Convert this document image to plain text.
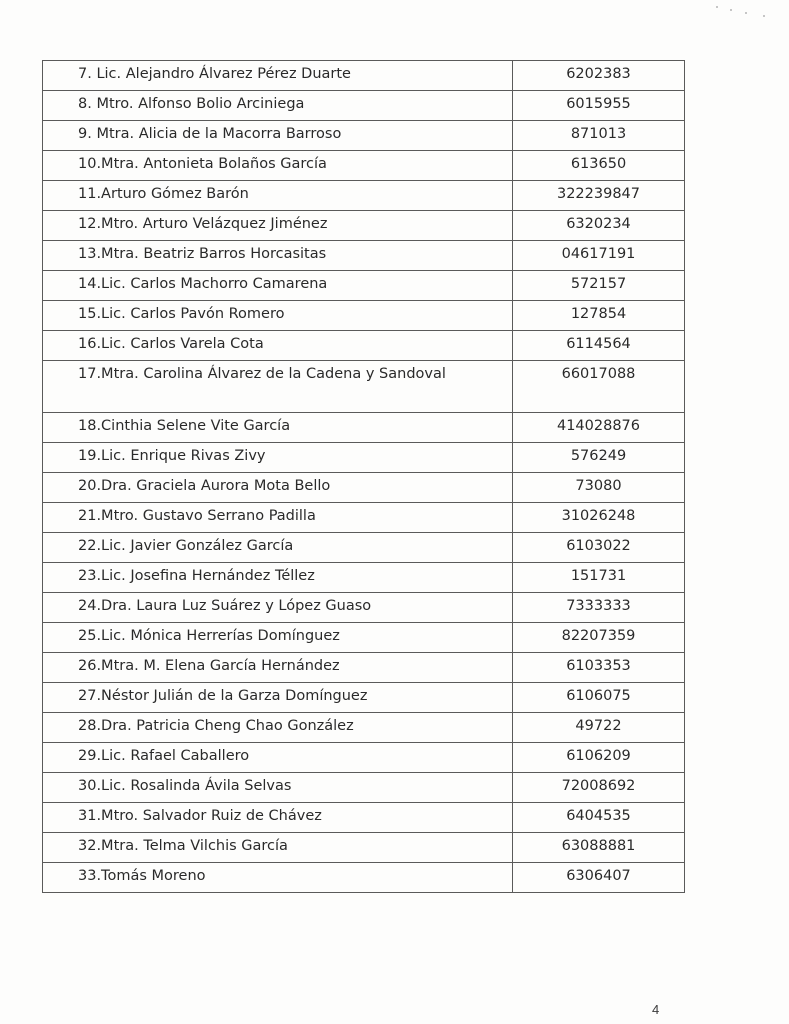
7. Lic. Alejandro Álvarez Pérez Duarte	6202383
8. Mtro. Alfonso Bolio Arciniega	6015955
9. Mtra. Alicia de la Macorra Barroso	871013
10.Mtra. Antonieta Bolaños García	613650
11.Arturo Gómez Barón	322239847
12.Mtro. Arturo Velázquez Jiménez	6320234
13.Mtra. Beatriz Barros Horcasitas	04617191
14.Lic. Carlos Machorro Camarena	572157
15.Lic. Carlos Pavón Romero	127854
16.Lic. Carlos Varela Cota	6114564
17.Mtra. Carolina Álvarez de la Cadena y Sandoval	66017088
18.Cinthia Selene Vite García	414028876
19.Lic. Enrique Rivas Zivy	576249
20.Dra. Graciela Aurora Mota Bello	73080
21.Mtro. Gustavo Serrano Padilla	31026248
22.Lic. Javier González García	6103022
23.Lic. Josefina Hernández Téllez	151731
24.Dra. Laura Luz Suárez y López Guaso	7333333
25.Lic. Mónica Herrerías Domínguez	82207359
26.Mtra. M. Elena García Hernández	6103353
27.Néstor Julián de la Garza Domínguez	6106075
28.Dra. Patricia Cheng Chao González	49722
29.Lic. Rafael Caballero	6106209
30.Lic. Rosalinda Ávila Selvas	72008692
31.Mtro. Salvador Ruiz de Chávez	6404535
32.Mtra. Telma Vilchis García	63088881
33.Tomás Moreno	6306407
4
